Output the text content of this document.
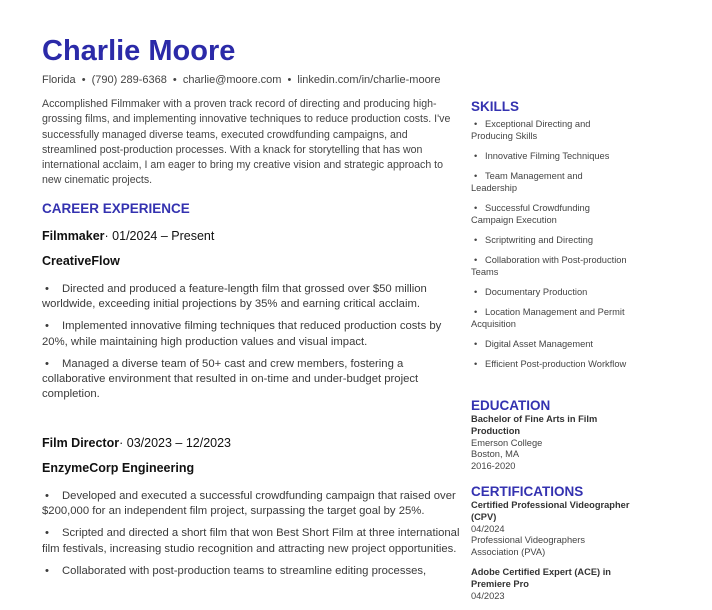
Charlie Moore
Florida • (790) 289-6368 • charlie@moore.com • linkedin.com/in/charlie-moore

Accomplished Filmmaker with a proven track record of directing and producing high-grossing films, and implementing innovative techniques to reduce production costs. I've successfully managed diverse teams, executed crowdfunding campaigns, and streamlined post-production processes. With a knack for storytelling that has won international acclaim, I am eager to bring my creative vision and strategic approach to new cinematic projects.

CAREER EXPERIENCE

Filmmaker· 01/2024 – Present

CreativeFlow

• Directed and produced a feature-length film that grossed over $50 million worldwide, exceeding initial projections by 35% and earning critical acclaim.
• Implemented innovative filming techniques that reduced production costs by 20%, while maintaining high production values and visual impact.
• Managed a diverse team of 50+ cast and crew members, fostering a collaborative environment that resulted in on-time and under-budget project completion.

Film Director· 03/2023 – 12/2023

EnzymeCorp Engineering

• Developed and executed a successful crowdfunding campaign that raised over $200,000 for an independent film project, surpassing the target goal by 25%.
• Scripted and directed a short film that won Best Short Film at three international film festivals, increasing studio recognition and attracting new project opportunities.
• Collaborated with post-production teams to streamline editing processes,
SKILLS
• Exceptional Directing and Producing Skills
• Innovative Filming Techniques
• Team Management and Leadership
• Successful Crowdfunding Campaign Execution
• Scriptwriting and Directing
• Collaboration with Post-production Teams
• Documentary Production
• Location Management and Permit Acquisition
• Digital Asset Management
• Efficient Post-production Workflow
EDUCATION

Bachelor of Fine Arts in Film Production

Emerson College

Boston, MA

2016-2020

CERTIFICATIONS

Certified Professional Videographer (CPV)

04/2024

Professional Videographers Association (PVA)

Adobe Certified Expert (ACE) in Premiere Pro

04/2023
